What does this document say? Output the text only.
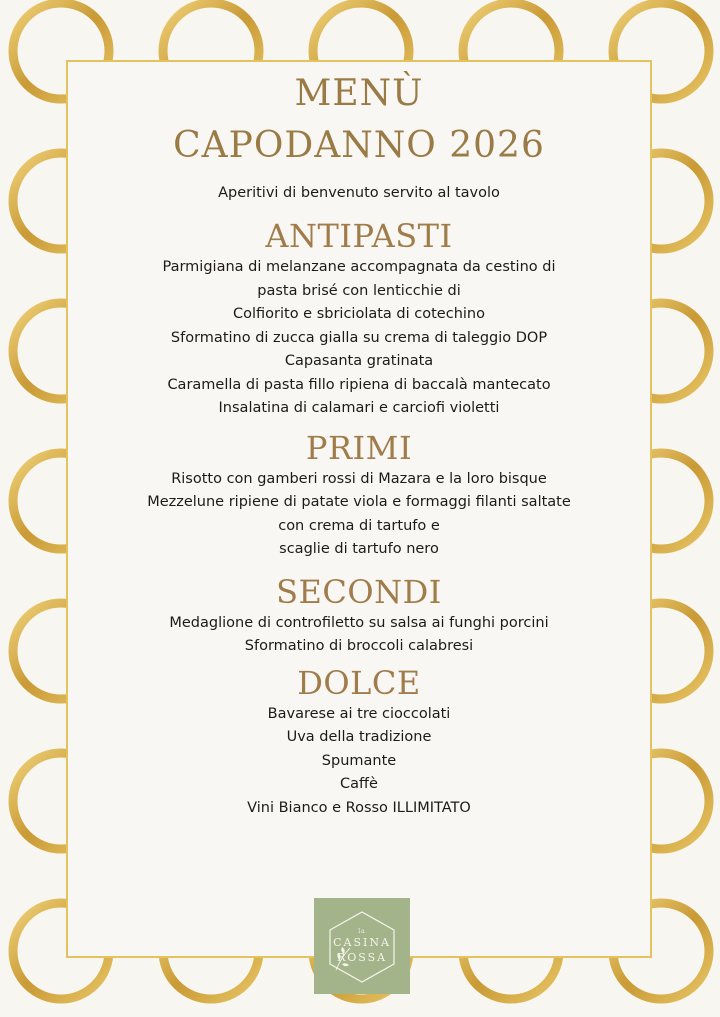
MENÙ
CAPODANNO 2026
Aperitivi di benvenuto servito al tavolo
ANTIPASTI
Parmigiana di melanzane accompagnata da cestino di
pasta brisé con lenticchie di
Colfiorito e sbriciolata di cotechino
Sformatino di zucca gialla su crema di taleggio DOP
Capasanta gratinata
Caramella di pasta fillo ripiena di baccalà mantecato
Insalatina di calamari e carciofi violetti
PRIMI
Risotto con gamberi rossi di Mazara e la loro bisque
Mezzelune ripiene di patate viola e formaggi filanti saltate
con crema di tartufo e
scaglie di tartufo nero
SECONDI
Medaglione di controfiletto su salsa ai funghi porcini
Sformatino di broccoli calabresi
DOLCE
Bavarese ai tre cioccolati
Uva della tradizione
Spumante
Caffè
Vini Bianco e Rosso ILLIMITATO
la
CASINA
ROSSA
